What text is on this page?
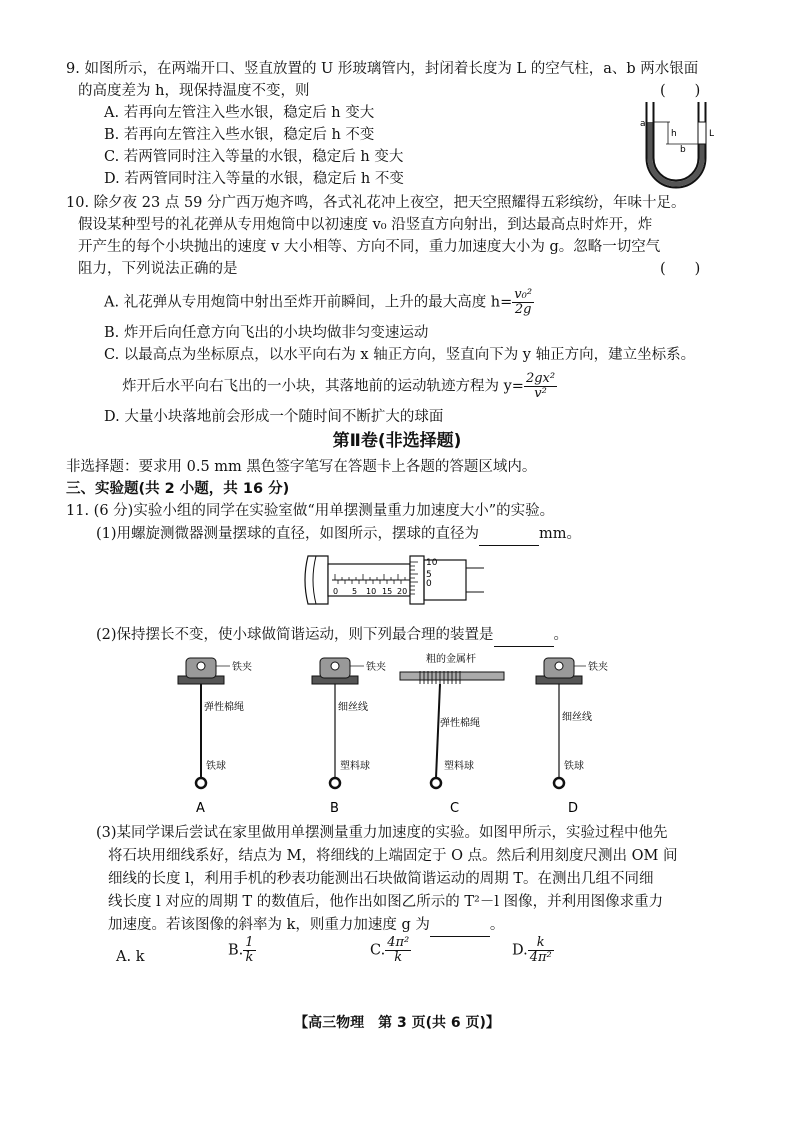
9. 如图所示，在两端开口、竖直放置的 U 形玻璃管内，封闭着长度为 L 的空气柱，a、b 两水银面
的高度差为 h，现保持温度不变，则	(　　)
A. 若再向左管注入些水银，稳定后 h 变大
B. 若再向左管注入些水银，稳定后 h 不变
C. 若两管同时注入等量的水银，稳定后 h 变大
D. 若两管同时注入等量的水银，稳定后 h 不变
a
h
b
L
10. 除夕夜 23 点 59 分广西万炮齐鸣，各式礼花冲上夜空，把天空照耀得五彩缤纷，年味十足。
假设某种型号的礼花弹从专用炮筒中以初速度 v₀ 沿竖直方向射出，到达最高点时炸开，炸
开产生的每个小块抛出的速度 v 大小相等、方向不同，重力加速度大小为 g。忽略一切空气
阻力，下列说法正确的是	(　　)
A. 礼花弹从专用炮筒中射出至炸开前瞬间，上升的最大高度 $h= \frac{\text{v₀²}}{2g}$
B. 炸开后向任意方向飞出的小块均做非匀变速运动
C. 以最高点为坐标原点，以水平向右为 x 轴正方向，竖直向下为 y 轴正方向，建立坐标系。
炸开后水平向右飞出的一小块，其落地前的运动轨迹方程为 $y= \frac{\text{2gx²}}{\text{v²}}$
D. 大量小块落地前会形成一个随时间不断扩大的球面
第Ⅱ卷(非选择题)
非选择题：要求用 0.5 mm 黑色签字笔写在答题卡上各题的答题区域内。
三、实验题(共 2 小题，共 16 分)
11. (6 分)实验小组的同学在实验室做“用单摆测量重力加速度大小”的实验。
(1)用螺旋测微器测量摆球的直径，如图所示，摆球的直径为	mm。
0 5 10 15 20
10
5
0
(2)保持摆长不变，使小球做简谐运动，则下列最合理的装置是	。
铁夹
弹性棉绳
铁球
A
铁夹
细丝线
塑料球
B
粗的金属杆
弹性棉绳
塑料球
C
铁夹
细丝线
铁球
D
(3)某同学课后尝试在家里做用单摆测量重力加速度的实验。如图甲所示，实验过程中他先
将石块用细线系好，结点为 M，将细线的上端固定于 O 点。然后利用刻度尺测出 OM 间
细线的长度 l，利用手机的秒表功能测出石块做简谐运动的周期 T。在测出几组不同细
线长度 l 对应的周期 T 的数值后，他作出如图乙所示的 T²－l 图像，并利用图像求重力
加速度。若该图像的斜率为 k，则重力加速度 g 为	。
A. k	B. $\frac{1}{k}$	C. $\frac{\text{4π²}}{k}$	D. $\frac{k}{\text{4π²}}$
【高三物理　第 3 页(共 6 页)】
